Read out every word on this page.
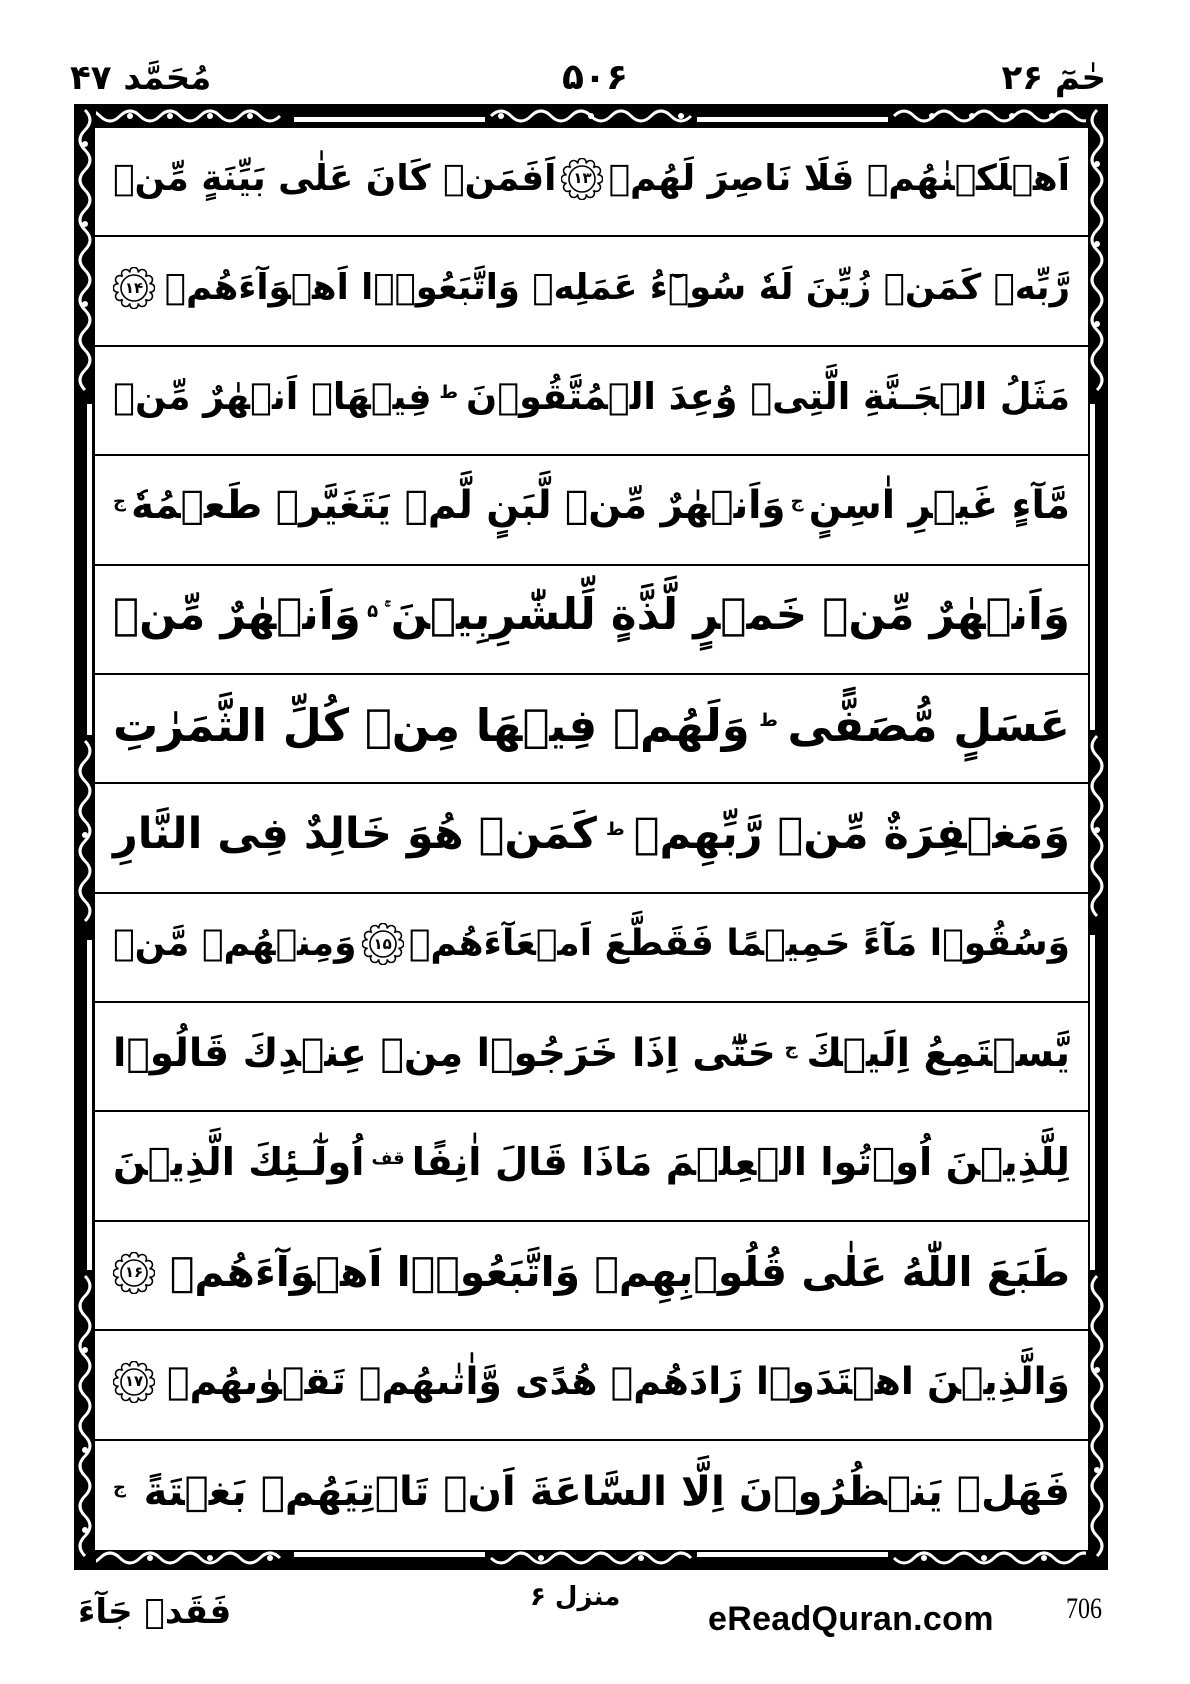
مُحَمَّد ۴۷	۵۰۶	حٰمٓ ۲۶
اَهۡلَكۡنٰهُمۡ فَلَا نَاصِرَ لَهُمۡ
۱۳
اَفَمَنۡ كَانَ عَلٰى بَيِّنَةٍ مِّنۡ
رَّبِّهٖ كَمَنۡ زُيِّنَ لَهٗ سُوۡٓءُ عَمَلِهٖ وَاتَّبَعُوۡۤا اَهۡوَآءَهُمۡ
۱۴
مَثَلُ الۡجَـنَّةِ الَّتِىۡ وُعِدَ الۡمُتَّقُوۡنَ
ط
فِيۡهَاۤ اَنۡهٰرٌ مِّنۡ
مَّآءٍ غَيۡرِ اٰسِنٍ
ج
وَاَنۡهٰرٌ مِّنۡ لَّبَنٍ لَّمۡ يَتَغَيَّرۡ طَعۡمُهٗ
ج
وَاَنۡهٰرٌ مِّنۡ خَمۡرٍ لَّذَّةٍ لِّلشّٰرِبِيۡنَ
ۚ ۵
وَاَنۡهٰرٌ مِّنۡ
عَسَلٍ مُّصَفًّى
ط
وَلَهُمۡ فِيۡهَا مِنۡ كُلِّ الثَّمَرٰتِ
وَمَغۡفِرَةٌ مِّنۡ رَّبِّهِمۡ
ط
كَمَنۡ هُوَ خَالِدٌ فِى النَّارِ
وَسُقُوۡا مَآءً حَمِيۡمًا فَقَطَّعَ اَمۡعَآءَهُمۡ
۱۵
وَمِنۡهُمۡ مَّنۡ
يَّسۡتَمِعُ اِلَيۡكَ
ج
حَتّٰٓى اِذَا خَرَجُوۡا مِنۡ عِنۡدِكَ قَالُوۡا
لِلَّذِيۡنَ اُوۡتُوا الۡعِلۡمَ مَاذَا قَالَ اٰنِفًا
قف
اُولٰٓـئِكَ الَّذِيۡنَ
طَبَعَ اللّٰهُ عَلٰى قُلُوۡبِهِمۡ وَاتَّبَعُوۡۤا اَهۡوَآءَهُمۡ
۱۶
وَالَّذِيۡنَ اهۡتَدَوۡا زَادَهُمۡ هُدًى وَّاٰتٰٮهُمۡ تَقۡوٰٮهُمۡ
۱۷
فَهَلۡ يَنۡظُرُوۡنَ اِلَّا السَّاعَةَ اَنۡ تَاۡتِيَهُمۡ بَغۡتَةً
ج
فَقَدۡ جَآءَ	منزل ۶
eReadQuran.com 706
